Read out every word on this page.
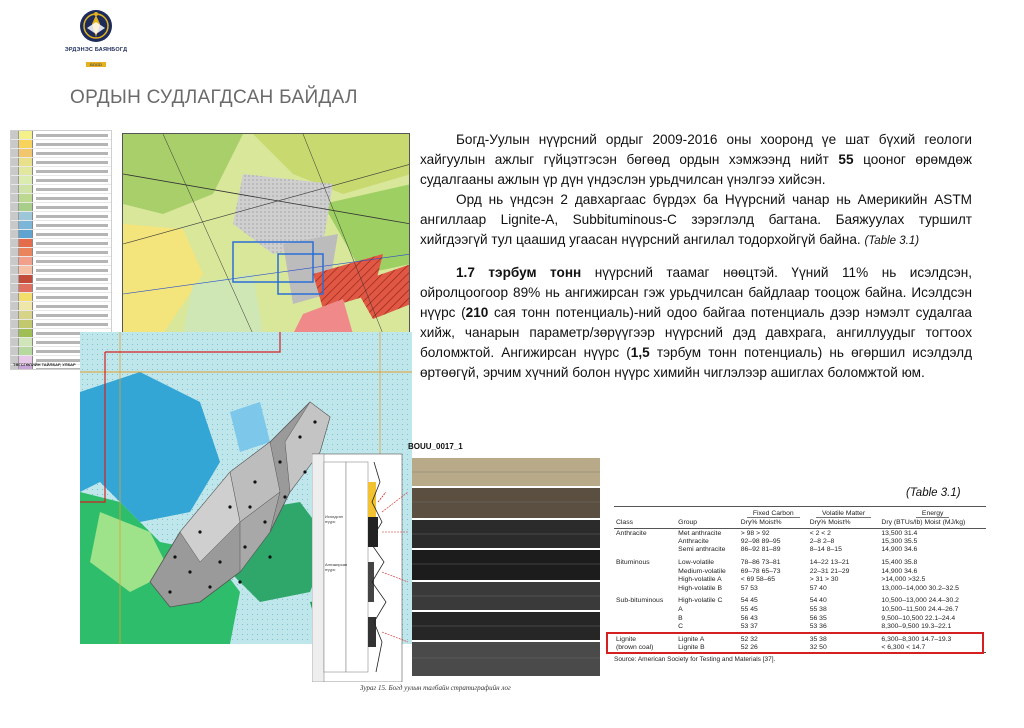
ЭРДЭНЭС БАЯНБОГД
BOGD
ОРДЫН СУДЛАГДСАН БАЙДАЛ

Богд-Уулын нүүрсний ордыг 2009-2016 оны хооронд үе шат бүхий геологи хайгуулын ажлыг гүйцэтгэсэн бөгөөд ордын хэмжээнд нийт 55 цооног өрөмдөж судалгааны ажлын үр дүн үндэслэн урьдчилсан үнэлгээ хийсэн.

Орд нь үндсэн 2 давхаргаас бүрдэх ба Нүүрсний чанар нь Америкийн ASTM ангиллаар Lignite-A, Subbituminous-C зэрэглэлд багтана. Баяжуулах туршилт хийгдээгүй тул цаашид угаасан нүүрсний ангилал тодорхойгүй байна. (Table 3.1)

1.7 тэрбум тонн нүүрсний таамаг нөөцтэй. Үүний 11% нь исэлдсэн, ойролцоогоор 89% нь ангижирсан гэж урьдчилсан байдлаар тооцож байна. Исэлдсэн нүүрс (210 сая тонн потенциаль)-ний одоо байгаа потенциаль дээр нэмэлт судалгаа хийж, чанарын параметр/зөрүүгээр нүүрсний дэд давхрага, ангиллуудыг тогтоох боломжтой. Ангижирсан нүүрс (1,5 тэрбум тонн потенциаль) нь өгөршил исэлдэлд өртөөгүй, эрчим хүчний болон нүүрс химийн чиглэлээр ашиглах боломжтой юм.

ТӨГСГӨЛИЙН ТАЙЛБАР, УЛБАР
BOUU_0017_1
Исэлдсэн нүүрс
Ангижирсан нүүрс
Зураг 15. Богд уулын талбайн стратиграфийн лог
(Table 3.1)
		Fixed Carbon	Volatile Matter	Energy
Class	Group	Dry% Moist%	Dry% Moist%	Dry (BTUs/lb) Moist (MJ/kg)
Anthracite	Met anthracite	> 98 > 92	< 2 < 2	13,500 31.4
	Anthracite	92–98 89–95	2–8 2–8	15,300 35.5
	Semi anthracite	86–92 81–89	8–14 8–15	14,900 34.6

Bituminous	Low-volatile	78–86 73–81	14–22 13–21	15,400 35.8
	Medium-volatile	69–78 65–73	22–31 21–29	14,900 34.6
	High-volatile A	< 69 58–65	> 31 > 30	>14,000 >32.5
	High-volatile B	57 53	57 40	13,000–14,000 30.2–32.5

Sub-bituminous	High-volatile C	54 45	54 40	10,500–13,000 24.4–30.2
	A	55 45	55 38	10,500–11,500 24.4–26.7
	B	56 43	56 35	9,500–10,500 22.1–24.4
	C	53 37	53 36	8,300–9,500 19.3–22.1

Lignite	Lignite A	52 32	35 38	6,300–8,300 14.7–19.3
(brown coal)	Lignite B	52 26	32 50	< 6,300 < 14.7
Source: American Society for Testing and Materials [37].
